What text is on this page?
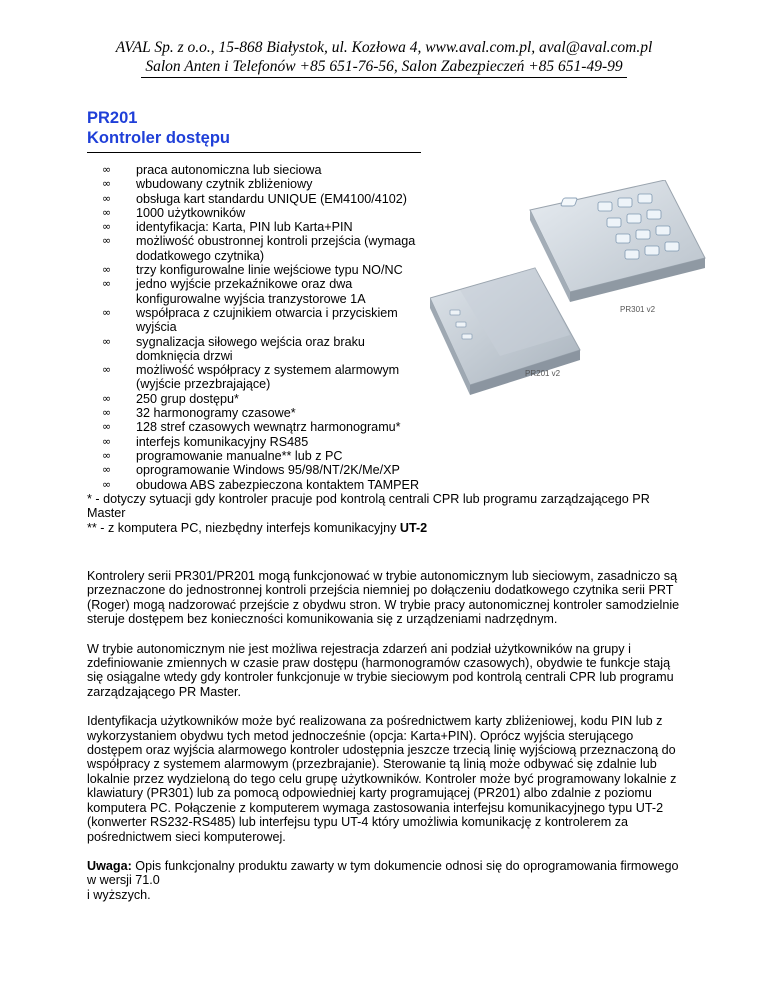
AVAL Sp. z o.o., 15-868 Białystok, ul. Kozłowa 4, www.aval.com.pl, aval@aval.com.pl
Salon Anten i Telefonów +85 651-76-56, Salon Zabezpieczeń +85 651-49-99
PR201
Kontroler dostępu
∞ praca autonomiczna lub sieciowa
∞ wbudowany czytnik zbliżeniowy
∞ obsługa kart standardu UNIQUE (EM4100/4102)
∞ 1000 użytkowników
∞ identyfikacja: Karta, PIN lub Karta+PIN
∞ możliwość obustronnej kontroli przejścia (wymaga dodatkowego czytnika)
∞ trzy konfigurowalne linie wejściowe typu NO/NC
∞ jedno wyjście przekaźnikowe oraz dwa konfigurowalne wyjścia tranzystorowe 1A
∞ współpraca z czujnikiem otwarcia i przyciskiem wyjścia
∞ sygnalizacja siłowego wejścia oraz braku domknięcia drzwi
∞ możliwość współpracy z systemem alarmowym (wyjście przezbrajające)
∞ 250 grup dostępu*
∞ 32 harmonogramy czasowe*
∞ 128 stref czasowych wewnątrz harmonogramu*
∞ interfejs komunikacyjny RS485
∞ programowanie manualne** lub z PC
∞ oprogramowanie Windows 95/98/NT/2K/Me/XP
∞ obudowa ABS zabezpieczona kontaktem TAMPER
PR301 v2
PR201 v2
* - dotyczy sytuacji gdy kontroler pracuje pod kontrolą centrali CPR lub programu zarządzającego PR Master
** - z komputera PC, niezbędny interfejs komunikacyjny UT-2

Kontrolery serii PR301/PR201 mogą funkcjonować w trybie autonomicznym lub sieciowym, zasadniczo są przeznaczone do jednostronnej kontroli przejścia niemniej po dołączeniu dodatkowego czytnika serii PRT (Roger) mogą nadzorować przejście z obydwu stron. W trybie pracy autonomicznej kontroler samodzielnie steruje dostępem bez konieczności komunikowania się z urządzeniami nadrzędnym.

W trybie autonomicznym nie jest możliwa rejestracja zdarzeń ani podział użytkowników na grupy i zdefiniowanie zmiennych w czasie praw dostępu (harmonogramów czasowych), obydwie te funkcje stają się osiągalne wtedy gdy kontroler funkcjonuje w trybie sieciowym pod kontrolą centrali CPR lub programu zarządzającego PR Master.

Identyfikacja użytkowników może być realizowana za pośrednictwem karty zbliżeniowej, kodu PIN lub z wykorzystaniem obydwu tych metod jednocześnie (opcja: Karta+PIN). Oprócz wyjścia sterującego dostępem oraz wyjścia alarmowego kontroler udostępnia jeszcze trzecią linię wyjściową przeznaczoną do współpracy z systemem alarmowym (przezbrajanie). Sterowanie tą linią może odbywać się zdalnie lub lokalnie przez wydzieloną do tego celu grupę użytkowników. Kontroler może być programowany lokalnie z klawiatury (PR301) lub za pomocą odpowiedniej karty programującej (PR201) albo zdalnie z poziomu komputera PC. Połączenie z komputerem wymaga zastosowania interfejsu komunikacyjnego typu UT-2 (konwerter RS232-RS485) lub interfejsu typu UT-4 który umożliwia komunikację z kontrolerem za pośrednictwem sieci komputerowej.

Uwaga: Opis funkcjonalny produktu zawarty w tym dokumencie odnosi się do oprogramowania firmowego w wersji 71.0
i wyższych.
